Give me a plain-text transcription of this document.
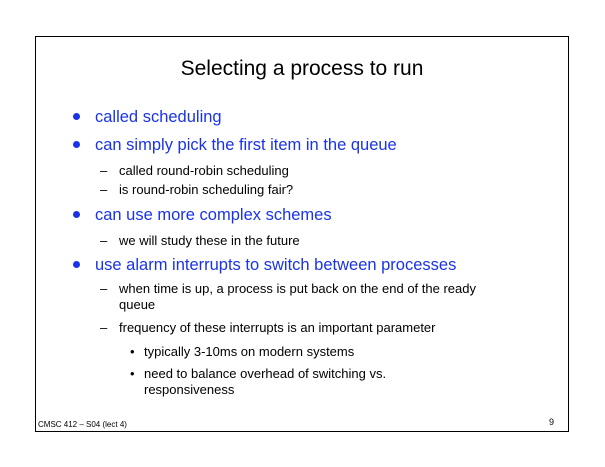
Selecting a process to run
called scheduling
can simply pick the first item in the queue
– called round-robin scheduling
– is round-robin scheduling fair?
can use more complex schemes
– we will study these in the future
use alarm interrupts to switch between processes
– when time is up, a process is put back on the end of the ready queue
– frequency of these interrupts is an important parameter
• typically 3-10ms on modern systems
• need to balance overhead of switching vs. responsiveness
CMSC 412 – S04 (lect 4)	9
